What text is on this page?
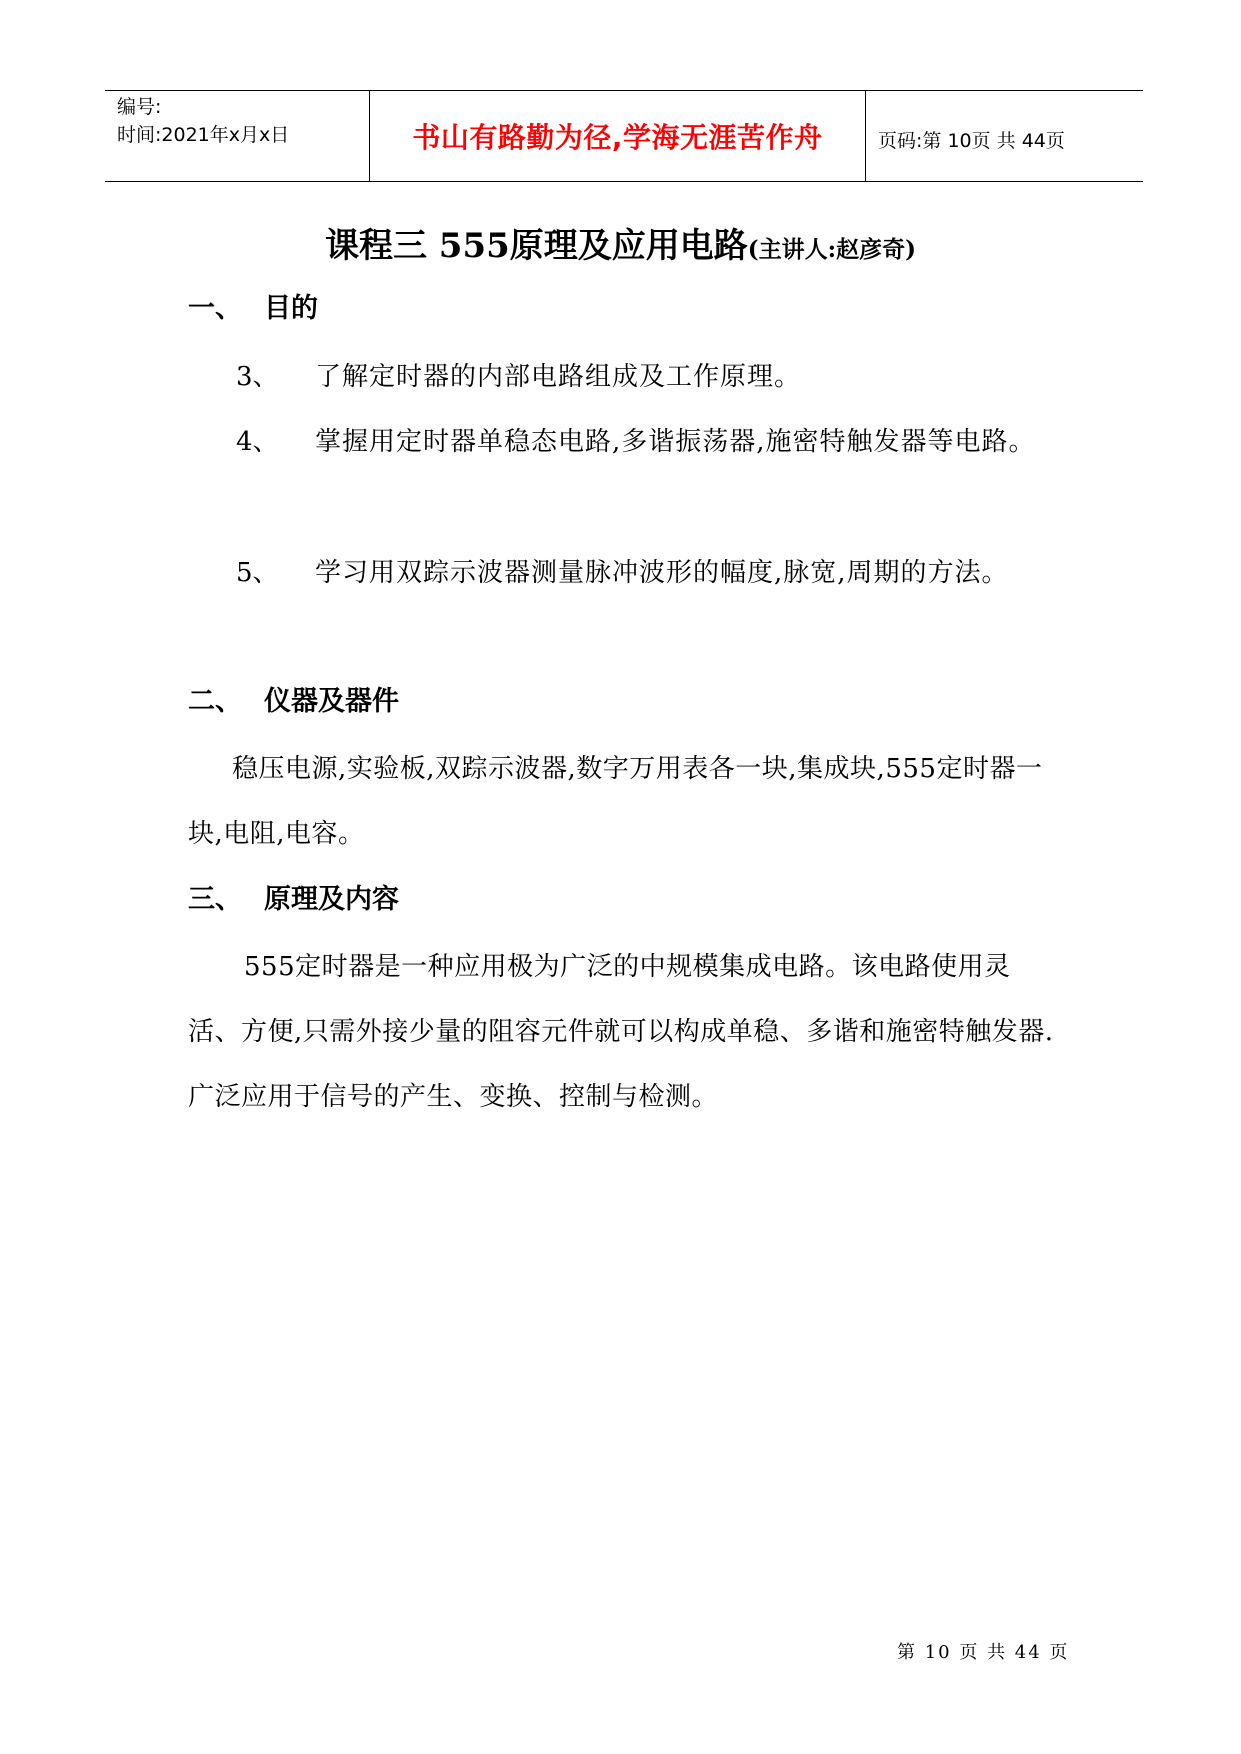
编号:
时间:2021年x月x日	书山有路勤为径,学海无涯苦作舟	页码:第 10页 共 44页
课程三 555原理及应用电路(主讲人:赵彦奇)
一、 目的
3、 了解定时器的内部电路组成及工作原理。
4、 掌握用定时器单稳态电路,多谐振荡器,施密特触发器等电路。
5、 学习用双踪示波器测量脉冲波形的幅度,脉宽,周期的方法。
二、 仪器及器件
稳压电源,实验板,双踪示波器,数字万用表各一块,集成块,555定时器一块,电阻,电容。
三、 原理及内容
555定时器是一种应用极为广泛的中规模集成电路。该电路使用灵活、方便,只需外接少量的阻容元件就可以构成单稳、多谐和施密特触发器.广泛应用于信号的产生、变换、控制与检测。
第 10 页 共 44 页
